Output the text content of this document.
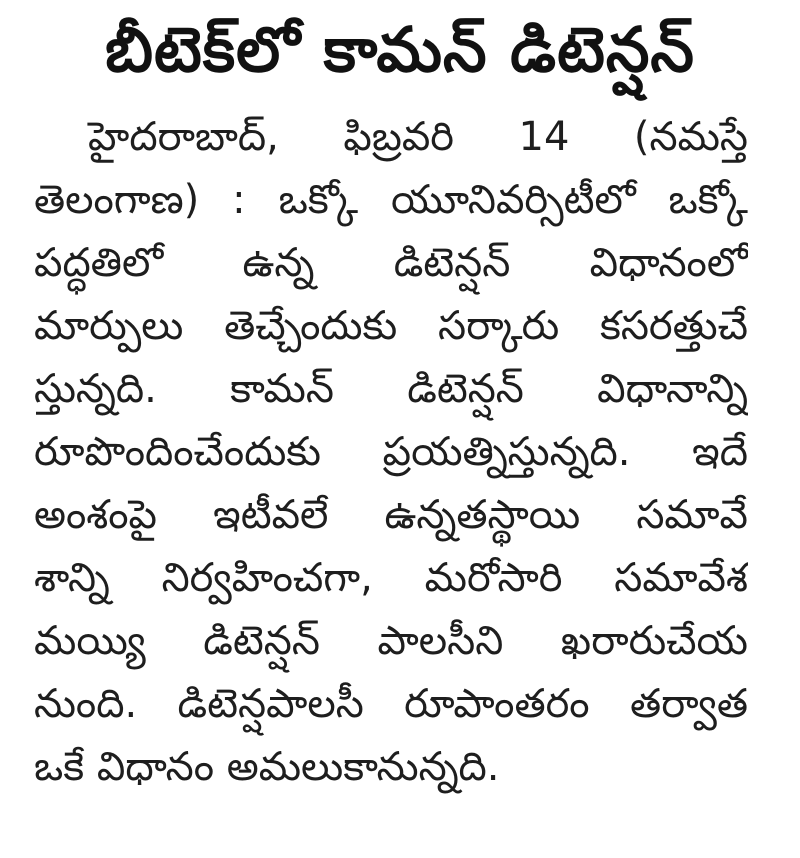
బీటెక్‌లో కామన్ డిటెన్షన్
హైదరాబాద్, ఫిబ్రవరి 14 (నమస్తే
తెలంగాణ) : ఒక్కో యూనివర్సిటీలో ఒక్కో
పద్ధతిలో ఉన్న డిటెన్షన్ విధానంలో
మార్పులు తెచ్చేందుకు సర్కారు కసరత్తుచే
స్తున్నది. కామన్ డిటెన్షన్ విధానాన్ని
రూపొందించేందుకు ప్రయత్నిస్తున్నది. ఇదే
అంశంపై ఇటీవలే ఉన్నతస్థాయి సమావే
శాన్ని నిర్వహించగా, మరోసారి సమావేశ
మయ్యి డిటెన్షన్ పాలసీని ఖరారుచేయ
నుంది. డిటెన్షపాలసీ రూపాంతరం తర్వాత
ఒకే విధానం అమలుకానున్నది.
